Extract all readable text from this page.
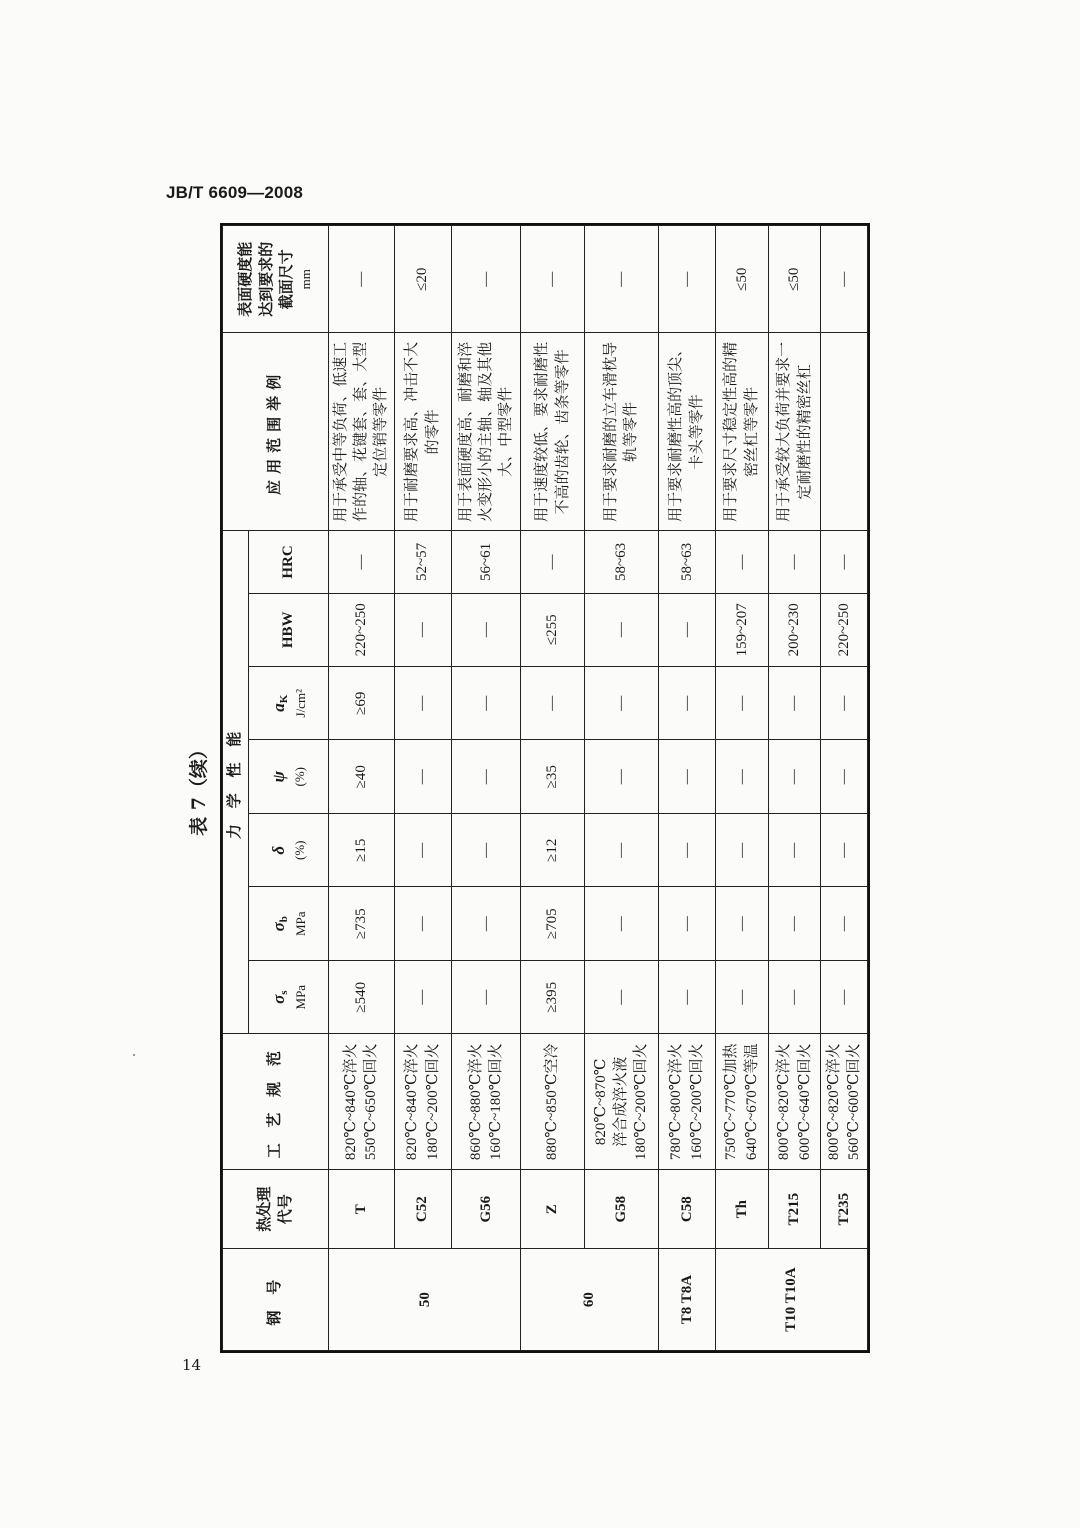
JB/T 6609—2008
14
表 7（续）
钢 号	热处理 代号	工 艺 规 范	力 学 性 能							应用范围举例	表面硬度能 达到要求的 截面尺寸 mm

			$\sigma_s$ MPa	$\sigma_b$ MPa	δ (%)	ψ (%)	$a_K$ J/cm²	HBW	HRC		
50	T	820℃~840℃淬火 550℃~650℃回火	≥540	≥735	≥15	≥40	≥69	220~250	—	用于承受中等负荷、低速工作的轴、花键套、套、大型定位销等零件	—
	C52	820℃~840℃淬火 180℃~200℃回火	—	—	—	—	—	—	52~57	用于耐磨要求高、冲击不大的零件	≤20
	G56	860℃~880℃淬火 160℃~180℃回火	—	—	—	—	—	—	56~61	用于表面硬度高、耐磨和淬火变形小的主轴、轴及其他大、中型零件	—
60	Z	880℃~850℃空冷	≥395	≥705	≥12	≥35	—	≤255	—	用于速度较低、要求耐磨性不高的齿轮、齿条等零件	—
	G58	820℃~870℃ 淬合成淬火液 180℃~200℃回火	—	—	—	—	—	—	58~63	用于要求耐磨的立车滑枕导轨等零件	—
T8 T8A	C58	780℃~800℃淬火 160℃~200℃回火	—	—	—	—	—	—	58~63	用于要求耐磨性高的顶尖、卡头等零件	—
T10 T10A	Th	750℃~770℃加热 640℃~670℃等温	—	—	—	—	—	159~207	—	用于要求尺寸稳定性高的精密丝杠等零件	≤50
	T215	800℃~820℃淬火 600℃~640℃回火	—	—	—	—	—	200~230	—	用于承受较大负荷并要求一定耐磨性的精密丝杠	≤50
	T235	800℃~820℃淬火 560℃~600℃回火	—	—	—	—	—	220~250	—		—
